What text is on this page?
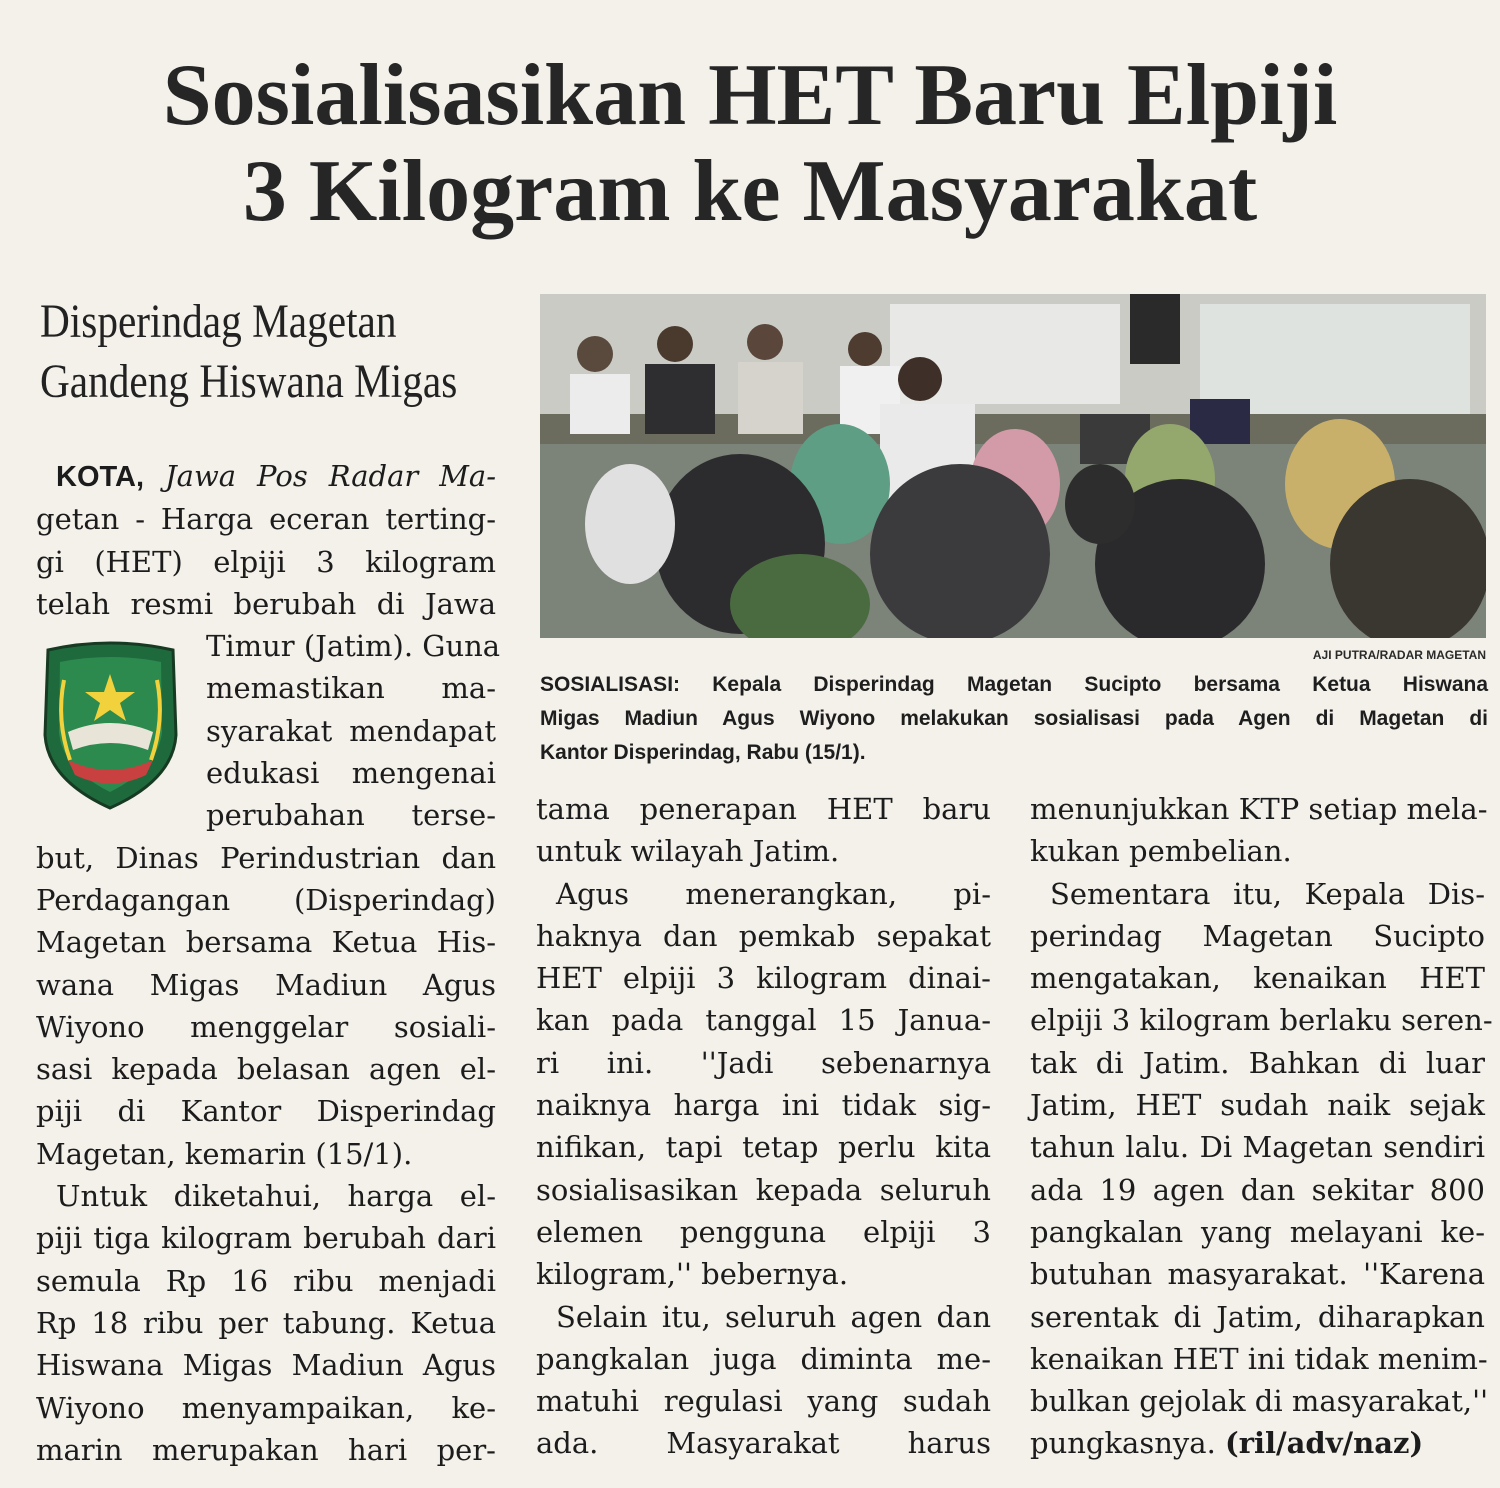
Sosialisasikan HET Baru Elpiji
3 Kilogram ke Masyarakat
Disperindag Magetan
Gandeng Hiswana Migas
AJI PUTRA/RADAR MAGETAN
SOSIALISASI: Kepala Disperindag Magetan Sucipto bersama Ketua Hiswana
Migas Madiun Agus Wiyono melakukan sosialisasi pada Agen di Magetan di
Kantor Disperindag, Rabu (15/1).
KOTA, Jawa Pos Radar Ma-
getan - Harga eceran terting-
gi (HET) elpiji 3 kilogram
telah resmi berubah di Jawa
Timur (Jatim). Guna
memastikan ma-
syarakat mendapat
edukasi mengenai
perubahan terse-
but, Dinas Perindustrian dan
Perdagangan (Disperindag)
Magetan bersama Ketua His-
wana Migas Madiun Agus
Wiyono menggelar sosiali-
sasi kepada belasan agen el-
piji di Kantor Disperindag
Magetan, kemarin (15/1).
Untuk diketahui, harga el-
piji tiga kilogram berubah dari
semula Rp 16 ribu menjadi
Rp 18 ribu per tabung. Ketua
Hiswana Migas Madiun Agus
Wiyono menyampaikan, ke-
marin merupakan hari per-
tama penerapan HET baru
untuk wilayah Jatim.
Agus menerangkan, pi-
haknya dan pemkab sepakat
HET elpiji 3 kilogram dinai-
kan pada tanggal 15 Janua-
ri ini. ''Jadi sebenarnya
naiknya harga ini tidak sig-
nifikan, tapi tetap perlu kita
sosialisasikan kepada seluruh
elemen pengguna elpiji 3
kilogram,'' bebernya.
Selain itu, seluruh agen dan
pangkalan juga diminta me-
matuhi regulasi yang sudah
ada. Masyarakat harus
menunjukkan KTP setiap mela-
kukan pembelian.
Sementara itu, Kepala Dis-
perindag Magetan Sucipto
mengatakan, kenaikan HET
elpiji 3 kilogram berlaku seren-
tak di Jatim. Bahkan di luar
Jatim, HET sudah naik sejak
tahun lalu. Di Magetan sendiri
ada 19 agen dan sekitar 800
pangkalan yang melayani ke-
butuhan masyarakat. ''Karena
serentak di Jatim, diharapkan
kenaikan HET ini tidak menim-
bulkan gejolak di masyarakat,''
pungkasnya. (ril/adv/naz)
